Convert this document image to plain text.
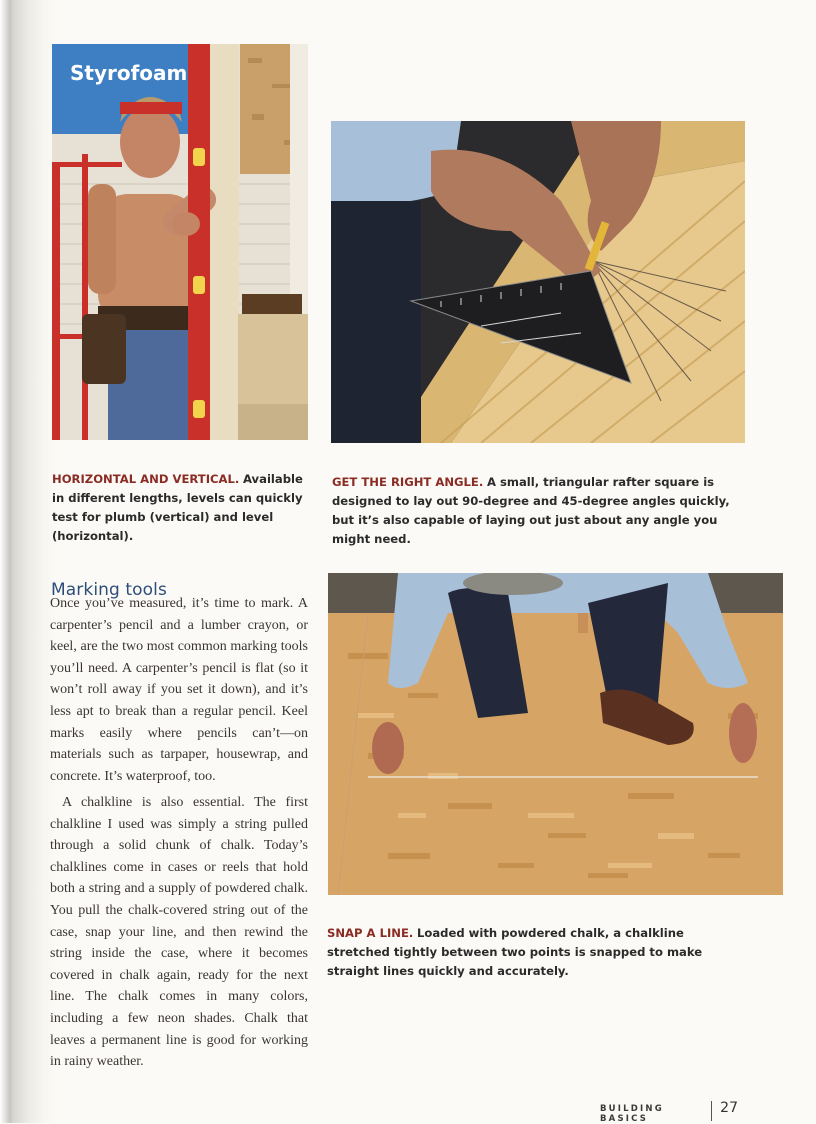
Styrofoam
HORIZONTAL AND VERTICAL. Available in different lengths, levels can quickly test for plumb (vertical) and level (horizontal).
GET THE RIGHT ANGLE. A small, triangular rafter square is designed to lay out 90-degree and 45-degree angles quickly, but it’s also capable of laying out just about any angle you might need.
SNAP A LINE. Loaded with powdered chalk, a chalkline stretched tightly between two points is snapped to make straight lines quickly and accurately.
Marking tools

Once you’ve measured, it’s time to mark. A carpenter’s pencil and a lumber crayon, or keel, are the two most common marking tools you’ll need. A carpenter’s pencil is flat (so it won’t roll away if you set it down), and it’s less apt to break than a regular pencil. Keel marks easily where pencils can’t—on materials such as tarpaper, housewrap, and concrete. It’s waterproof, too.

A chalkline is also essential. The first chalkline I used was simply a string pulled through a solid chunk of chalk. Today’s chalklines come in cases or reels that hold both a string and a supply of powdered chalk. You pull the chalk-covered string out of the case, snap your line, and then rewind the string inside the case, where it becomes covered in chalk again, ready for the next line. The chalk comes in many colors, including a few neon shades. Chalk that leaves a permanent line is good for working in rainy weather.

BUILDING BASICS
27
